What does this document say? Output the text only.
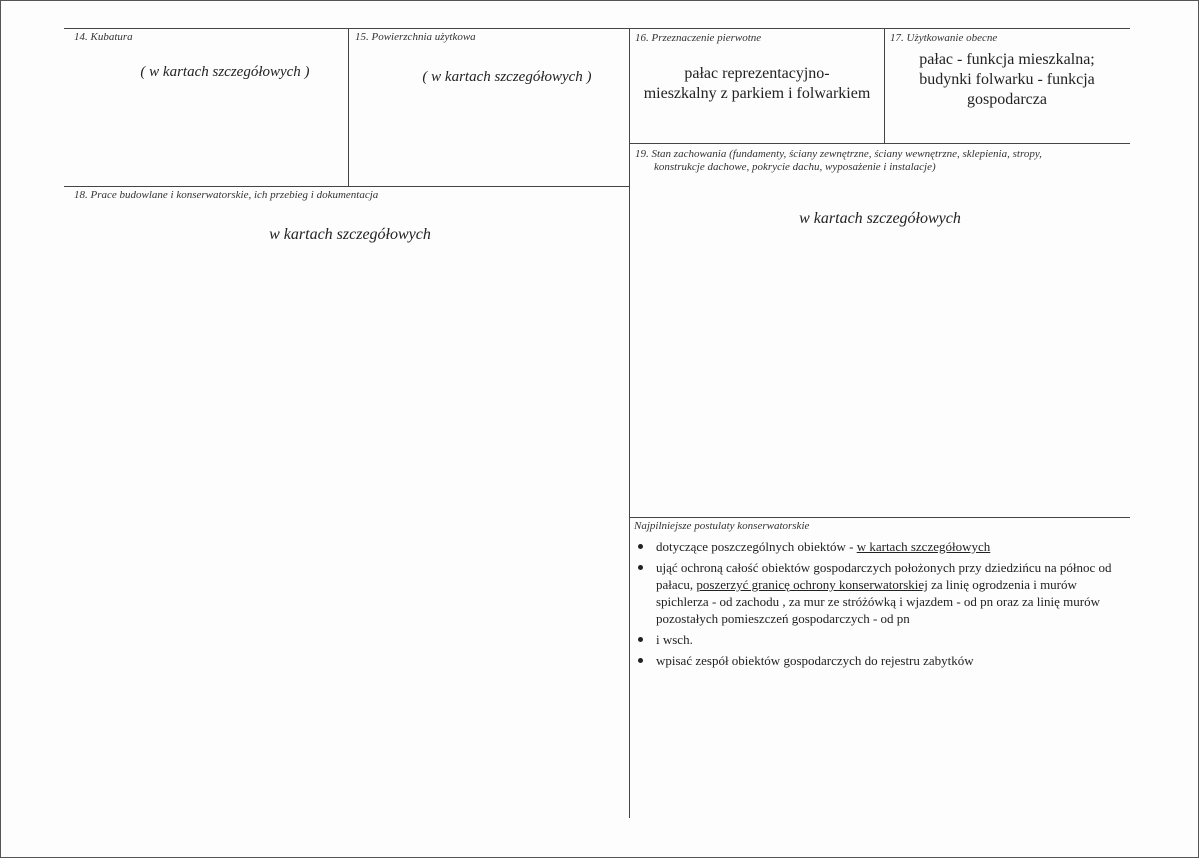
14. Kubatura
( w kartach szczegółowych )
15. Powierzchnia użytkowa
( w kartach szczegółowych )
16. Przeznaczenie pierwotne
pałac reprezentacyjno-
mieszkalny z parkiem i folwarkiem
17. Użytkowanie obecne
pałac - funkcja mieszkalna;
budynki folwarku - funkcja
gospodarcza
18. Prace budowlane i konserwatorskie, ich przebieg i dokumentacja
w kartach szczegółowych
19. Stan zachowania (fundamenty, ściany zewnętrzne, ściany wewnętrzne, sklepienia, stropy,
konstrukcje dachowe, pokrycie dachu, wyposażenie i instalacje)
w kartach szczegółowych
Najpilniejsze postulaty konserwatorskie
dotyczące poszczególnych obiektów - w kartach szczegółowych
ująć ochroną całość obiektów gospodarczych położonych przy dziedzińcu na północ od pałacu, poszerzyć granicę ochrony konserwatorskiej za linię ogrodzenia i murów spichlerza - od zachodu , za mur ze stróżówką i wjazdem - od pn oraz za linię murów pozostałych pomieszczeń gospodarczych - od pn
i wsch.
wpisać zespół obiektów gospodarczych do rejestru zabytków
